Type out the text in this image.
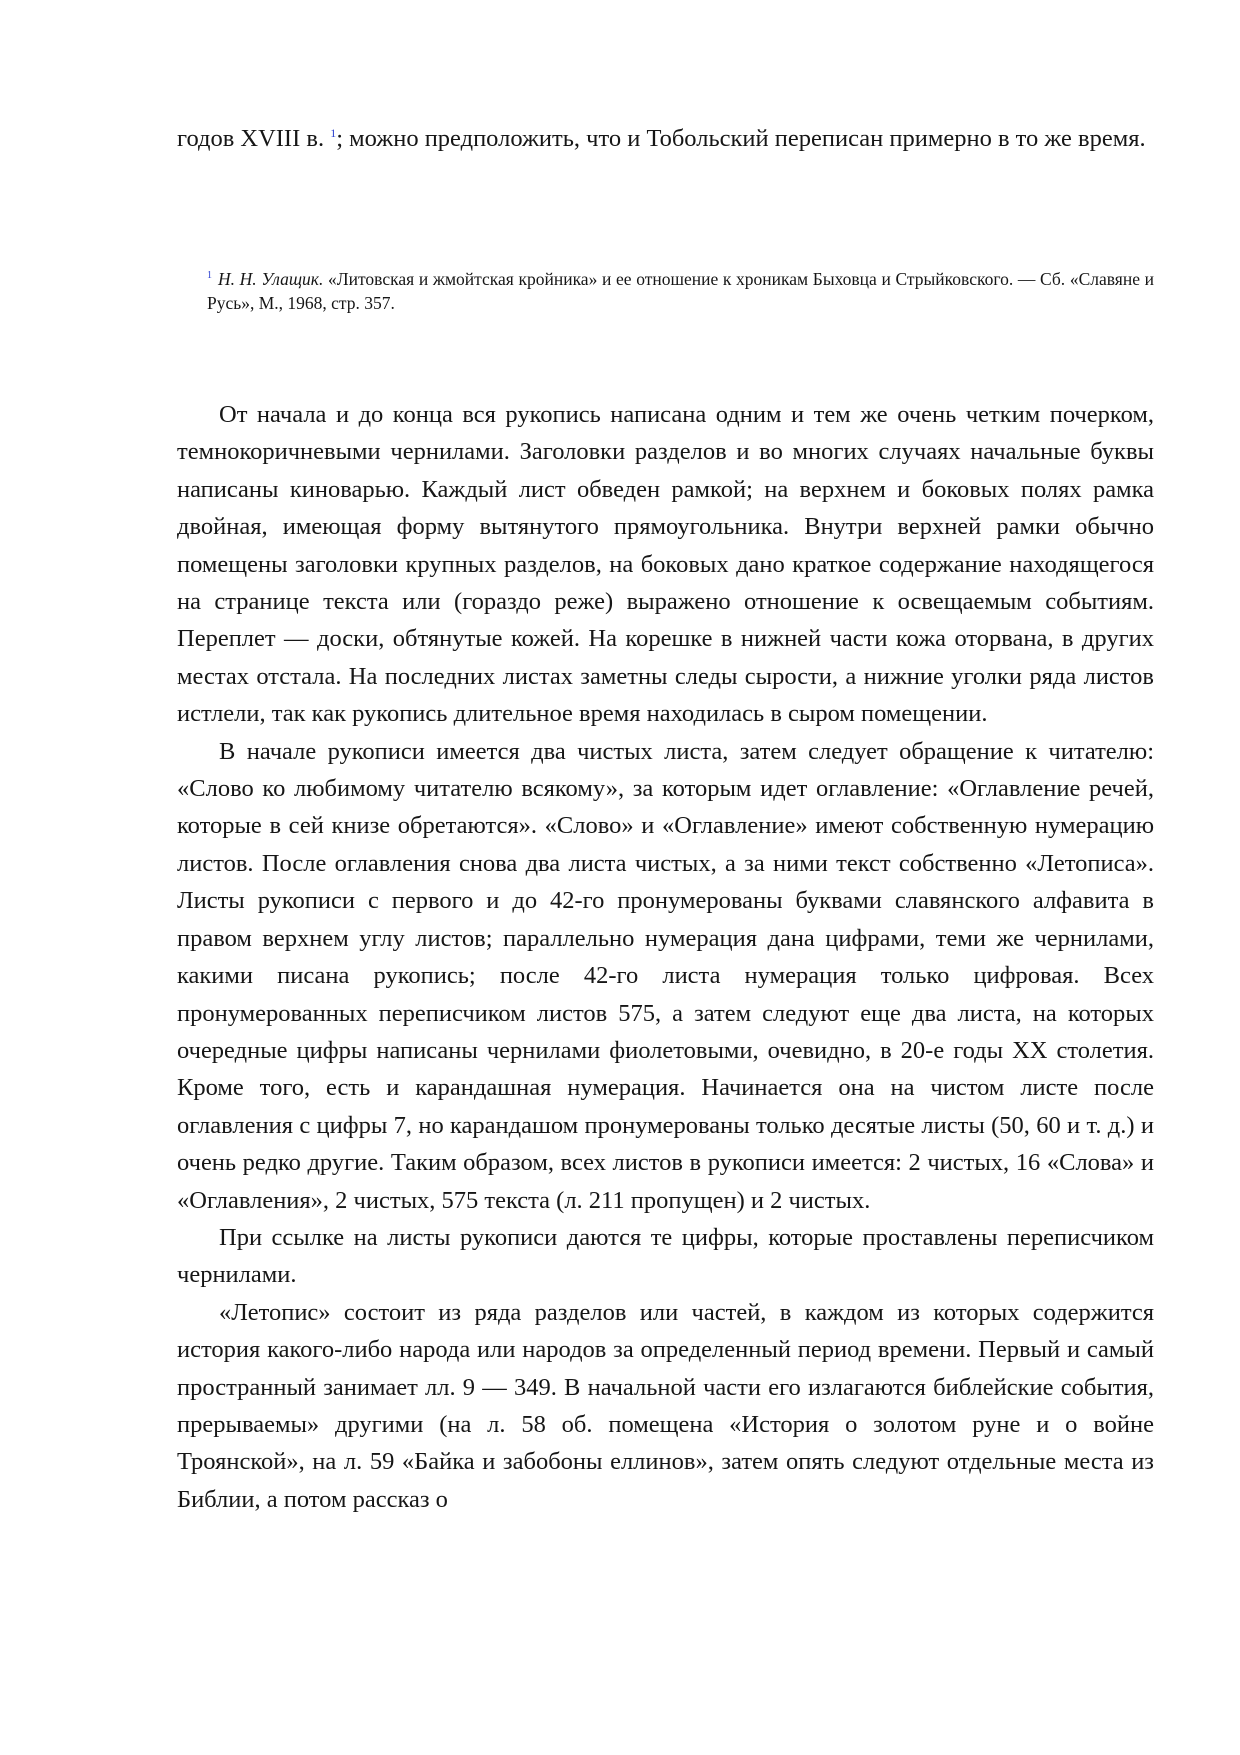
годов XVIII в. $^1$; можно предположить, что и Тобольский переписан примерно в то же время.
$^1$ Н. Н. Улащик. «Литовская и жмойтская кройника» и ее отношение к хроникам Быховца и Стрыйковского. — Сб. «Славяне и Русь», М., 1968, стр. 357.

От начала и до конца вся рукопись написана одним и тем же очень четким почерком, темнокоричневыми чернилами. Заголовки разделов и во многих случаях начальные буквы написаны киноварью. Каждый лист обведен рамкой; на верхнем и боковых полях рамка двойная, имеющая форму вытянутого прямоугольника. Внутри верхней рамки обычно помещены заголовки крупных разделов, на боковых дано краткое содержание находящегося на странице текста или (гораздо реже) выражено отношение к освещаемым событиям. Переплет — доски, обтянутые кожей. На корешке в нижней части кожа оторвана, в других местах отстала. На последних листах заметны следы сырости, а нижние уголки ряда листов истлели, так как рукопись длительное время находилась в сыром помещении.

В начале рукописи имеется два чистых листа, затем следует обращение к читателю: «Слово ко любимому читателю всякому», за которым идет оглавление: «Оглавление речей, которые в сей книзе обретаются». «Слово» и «Оглавление» имеют собственную нумерацию листов. После оглавления снова два листа чистых, а за ними текст собственно «Летописа». Листы рукописи с первого и до 42-го пронумерованы буквами славянского алфавита в правом верхнем углу листов; параллельно нумерация дана цифрами, теми же чернилами, какими писана рукопись; после 42-го листа нумерация только цифровая. Всех пронумерованных переписчиком листов 575, а затем следуют еще два листа, на которых очередные цифры написаны чернилами фиолетовыми, очевидно, в 20-е годы XX столетия. Кроме того, есть и карандашная нумерация. Начинается она на чистом листе после оглавления с цифры 7, но карандашом пронумерованы только десятые листы (50, 60 и т. д.) и очень редко другие. Таким образом, всех листов в рукописи имеется: 2 чистых, 16 «Слова» и «Оглавления», 2 чистых, 575 текста (л. 211 пропущен) и 2 чистых.

При ссылке на листы рукописи даются те цифры, которые проставлены переписчиком чернилами.

«Летопис» состоит из ряда разделов или частей, в каждом из которых содержится история какого-либо народа или народов за определенный период времени. Первый и самый пространный занимает лл. 9 — 349. В начальной части его излагаются библейские события, прерываемы» другими (на л. 58 об. помещена «История о золотом руне и о войне Троянской», на л. 59 «Байка и забобоны еллинов», затем опять следуют отдельные места из Библии, а потом рассказ о
